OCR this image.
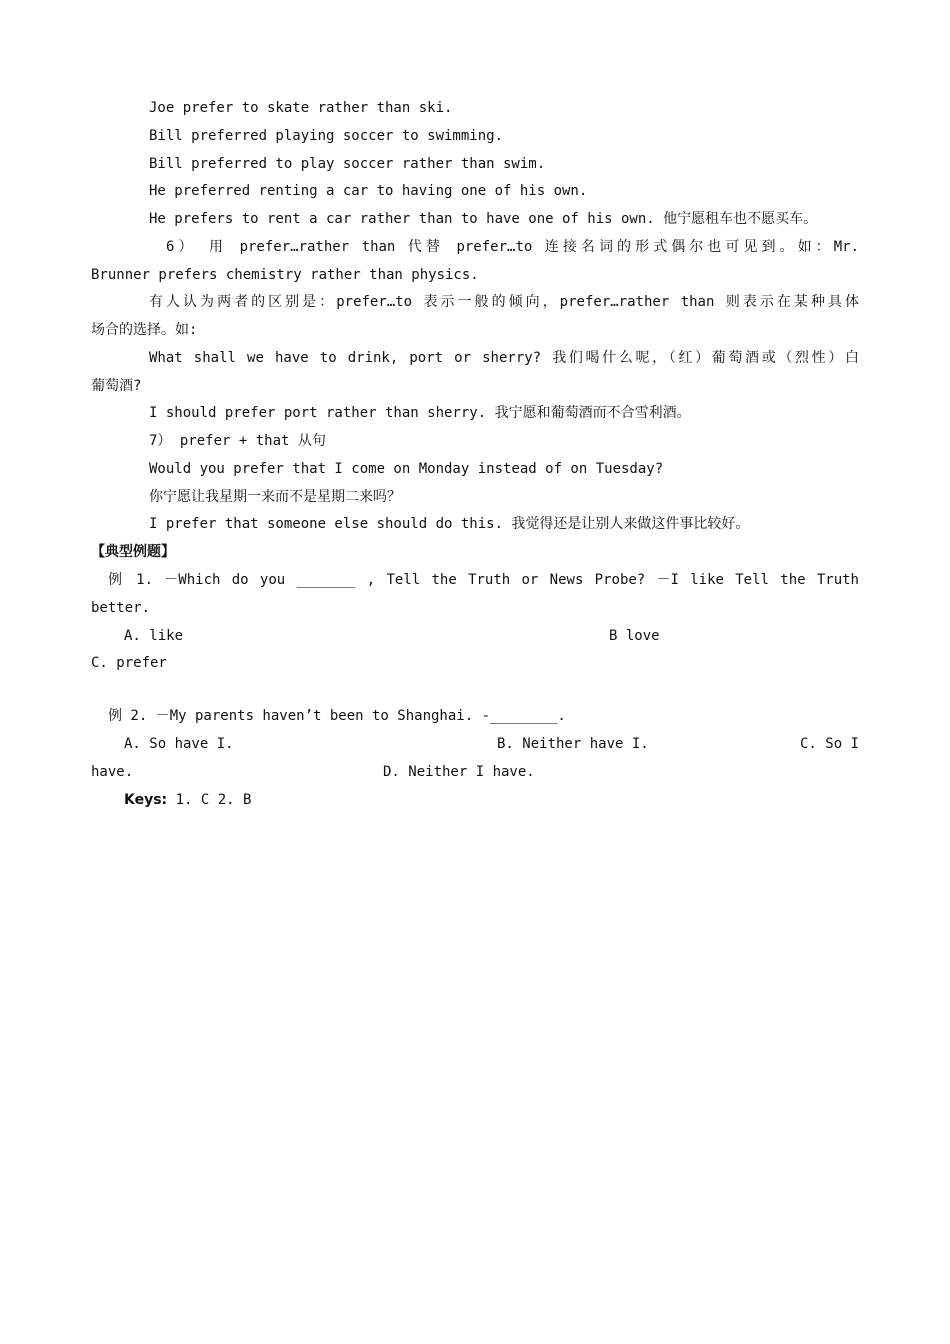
Joe prefer to skate rather than ski.
Bill preferred playing soccer to swimming.
Bill preferred to play soccer rather than swim.
He preferred renting a car to having one of his own.
He prefers to rent a car rather than to have one of his own. 他宁愿租车也不愿买车。
6） 用 prefer…rather than 代替 prefer…to 连接名词的形式偶尔也可见到。如：Mr.
Brunner prefers chemistry rather than physics.
有人认为两者的区别是：prefer…to 表示一般的倾向，prefer…rather than 则表示在某种具体
场合的选择。如:
What shall we have to drink, port or sherry? 我们喝什么呢，（红）葡萄酒或（烈性）白
葡萄酒?
I should prefer port rather than sherry. 我宁愿和葡萄酒而不合雪利酒。
7） prefer + that 从句
Would you prefer that I come on Monday instead of on Tuesday?
你宁愿让我星期一来而不是星期二来吗？
I prefer that someone else should do this. 我觉得还是让别人来做这件事比较好。
【典型例题】
例 1. －Which do you _______ , Tell the Truth or News Probe? －I like Tell the Truth
better.
A. like	B love
C. prefer
例 2. －My parents haven’t been to Shanghai. -________.
A. So have I.	B. Neither have I.	C. So I
have.	D. Neither I have.
Keys: 1. C 2. B
